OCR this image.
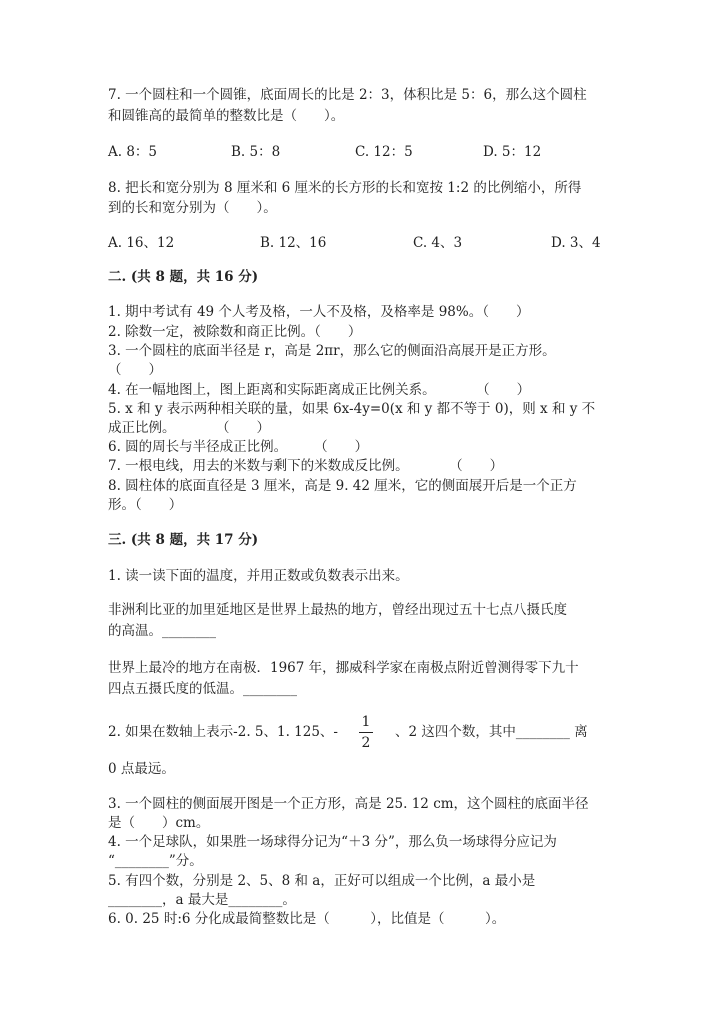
7. 一个圆柱和一个圆锥，底面周长的比是 2：3，体积比是 5：6，那么这个圆柱
和圆锥高的最简单的整数比是（　　）。
A. 8：5	B. 5：8	C. 12：5	D. 5：12
8. 把长和宽分别为 8 厘米和 6 厘米的长方形的长和宽按 1:2 的比例缩小，所得
到的长和宽分别为（　　）。
A. 16、12	B. 12、16	C. 4、3	D. 3、4
二. (共 8 题，共 16 分)
1. 期中考试有 49 个人考及格，一人不及格，及格率是 98%。（　　）
2. 除数一定，被除数和商正比例。（　　）
3. 一个圆柱的底面半径是 r，高是 2πr，那么它的侧面沿高展开是正方形。
（　　）
4. 在一幅地图上，图上距离和实际距离成正比例关系。　　　　（　　）
5. x 和 y 表示两种相关联的量，如果 6x-4y=0(x 和 y 都不等于 0)，则 x 和 y 不
成正比例。　　　　（　　）
6. 圆的周长与半径成正比例。　　　（　　）
7. 一根电线，用去的米数与剩下的米数成反比例。　　　　（　　）
8. 圆柱体的底面直径是 3 厘米，高是 9. 42 厘米，它的侧面展开后是一个正方
形。（　　）
三. (共 8 题，共 17 分)
1. 读一读下面的温度，并用正数或负数表示出来。
非洲利比亚的加里延地区是世界上最热的地方，曾经出现过五十七点八摄氏度
的高温。________
世界上最冷的地方在南极．1967 年，挪威科学家在南极点附近曾测得零下九十
四点五摄氏度的低温。________
2. 如果在数轴上表示-2. 5、1. 125、-
1
2
、2 这四个数，其中________ 离
0 点最远。
3. 一个圆柱的侧面展开图是一个正方形，高是 25. 12 cm，这个圆柱的底面半径
是（　　）cm。
4. 一个足球队，如果胜一场球得分记为“＋3 分”，那么负一场球得分应记为
“________”分。
5. 有四个数，分别是 2、5、8 和 a，正好可以组成一个比例，a 最小是
________，a 最大是________。
6. 0. 25 时:6 分化成最简整数比是（　　　），比值是（　　　）。
